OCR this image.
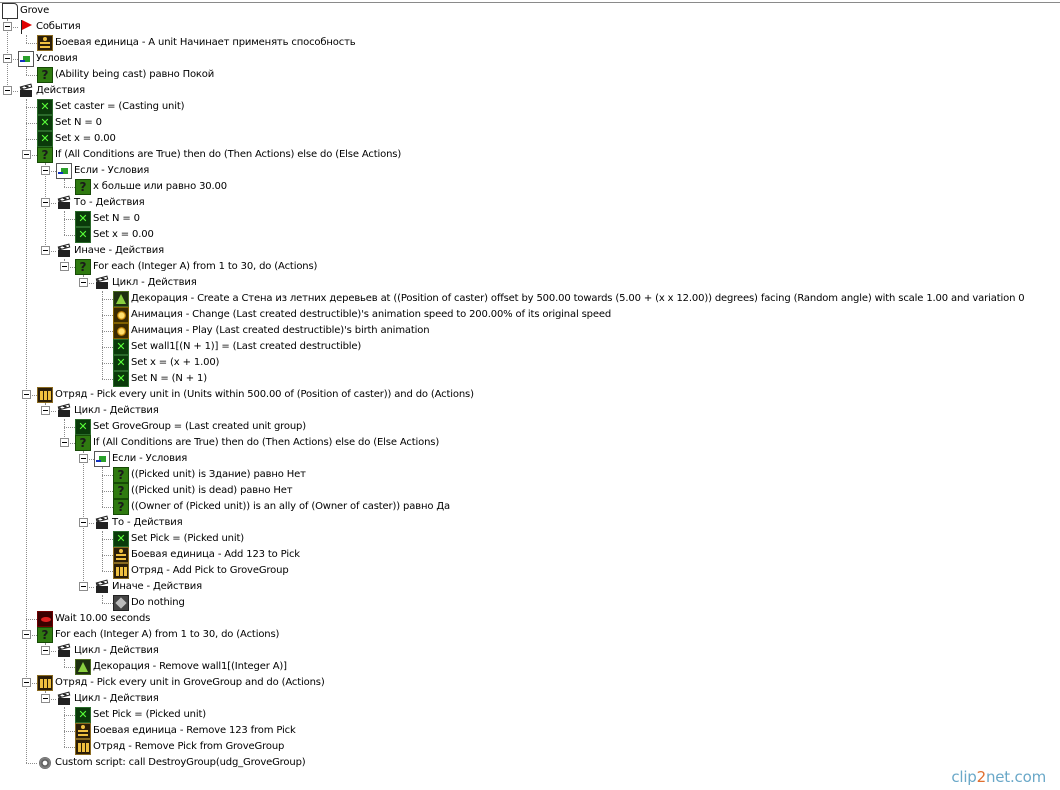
Grove
События
Боевая единица - A unit Начинает применять способность
Условия
? (Ability being cast) равно Покой
Действия
✕ Set caster = (Casting unit)
✕ Set N = 0
✕ Set x = 0.00
? If (All Conditions are True) then do (Then Actions) else do (Else Actions)
Если - Условия
? x больше или равно 30.00
То - Действия
✕ Set N = 0
✕ Set x = 0.00
Иначе - Действия
? For each (Integer A) from 1 to 30, do (Actions)
Цикл - Действия
Декорация - Create a Стена из летних деревьев at ((Position of caster) offset by 500.00 towards (5.00 + (x x 12.00)) degrees) facing (Random angle) with scale 1.00 and variation 0
Анимация - Change (Last created destructible)'s animation speed to 200.00% of its original speed
Анимация - Play (Last created destructible)'s birth animation
✕ Set wall1[(N + 1)] = (Last created destructible)
✕ Set x = (x + 1.00)
✕ Set N = (N + 1)
Отряд - Pick every unit in (Units within 500.00 of (Position of caster)) and do (Actions)
Цикл - Действия
✕ Set GroveGroup = (Last created unit group)
? If (All Conditions are True) then do (Then Actions) else do (Else Actions)
Если - Условия
? ((Picked unit) is Здание) равно Нет
? ((Picked unit) is dead) равно Нет
? ((Owner of (Picked unit)) is an ally of (Owner of caster)) равно Да
То - Действия
✕ Set Pick = (Picked unit)
Боевая единица - Add 123 to Pick
Отряд - Add Pick to GroveGroup
Иначе - Действия
Do nothing
Wait 10.00 seconds
? For each (Integer A) from 1 to 30, do (Actions)
Цикл - Действия
Декорация - Remove wall1[(Integer A)]
Отряд - Pick every unit in GroveGroup and do (Actions)
Цикл - Действия
✕ Set Pick = (Picked unit)
Боевая единица - Remove 123 from Pick
Отряд - Remove Pick from GroveGroup
Custom script: call DestroyGroup(udg_GroveGroup)
clip2net.com
